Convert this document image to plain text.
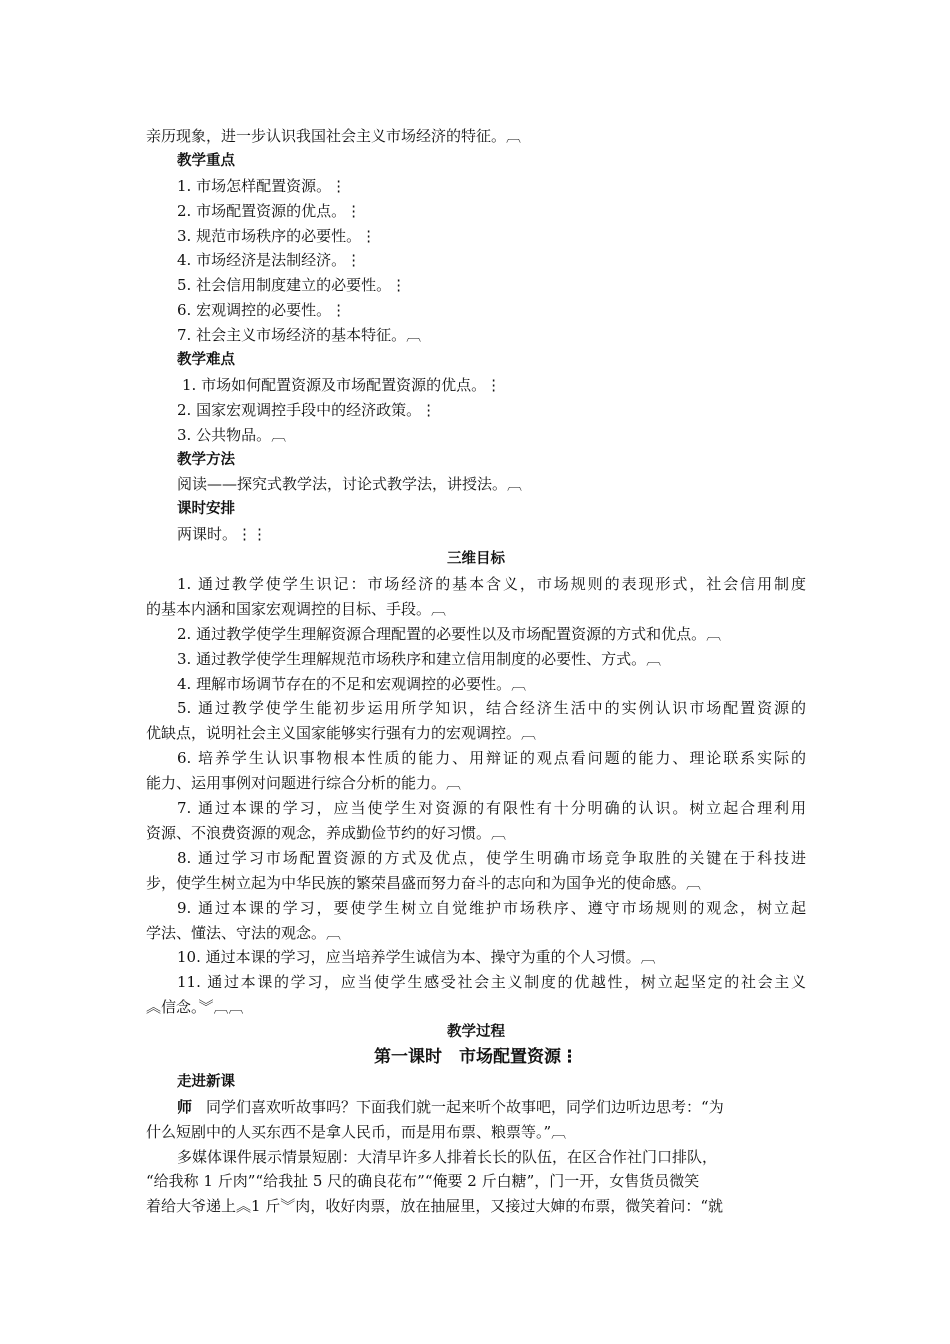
亲历现象，进一步认识我国社会主义市场经济的特征。︹
教学重点
1. 市场怎样配置资源。⋮
2. 市场配置资源的优点。⋮
3. 规范市场秩序的必要性。⋮
4. 市场经济是法制经济。⋮
5. 社会信用制度建立的必要性。⋮
6. 宏观调控的必要性。⋮
7. 社会主义市场经济的基本特征。︹
教学难点
1. 市场如何配置资源及市场配置资源的优点。⋮
2. 国家宏观调控手段中的经济政策。⋮
3. 公共物品。︹
教学方法
阅读——探究式教学法，讨论式教学法，讲授法。︹
课时安排
两课时。⋮⋮
三维目标
1. 通过教学使学生识记：市场经济的基本含义，市场规则的表现形式，社会信用制度
的基本内涵和国家宏观调控的目标、手段。︹
2. 通过教学使学生理解资源合理配置的必要性以及市场配置资源的方式和优点。︹
3. 通过教学使学生理解规范市场秩序和建立信用制度的必要性、方式。︹
4. 理解市场调节存在的不足和宏观调控的必要性。︹
5. 通过教学使学生能初步运用所学知识，结合经济生活中的实例认识市场配置资源的
优缺点，说明社会主义国家能够实行强有力的宏观调控。︹
6. 培养学生认识事物根本性质的能力、用辩证的观点看问题的能力、理论联系实际的
能力、运用事例对问题进行综合分析的能力。︹
7. 通过本课的学习，应当使学生对资源的有限性有十分明确的认识。树立起合理利用
资源、不浪费资源的观念，养成勤俭节约的好习惯。︹
8. 通过学习市场配置资源的方式及优点，使学生明确市场竞争取胜的关键在于科技进
步，使学生树立起为中华民族的繁荣昌盛而努力奋斗的志向和为国争光的使命感。︹
9. 通过本课的学习，要使学生树立自觉维护市场秩序、遵守市场规则的观念，树立起
学法、懂法、守法的观念。︹
10. 通过本课的学习，应当培养学生诚信为本、操守为重的个人习惯。︹
11. 通过本课的学习，应当使学生感受社会主义制度的优越性，树立起坚定的社会主义
︽信念。︾︹︹
教学过程
第一课时　市场配置资源⋮
走进新课
师 同学们喜欢听故事吗？下面我们就一起来听个故事吧，同学们边听边思考：“为
什么短剧中的人买东西不是拿人民币，而是用布票、粮票等。”︹
多媒体课件展示情景短剧：大清早许多人排着长长的队伍，在区合作社门口排队，
“给我称 1 斤肉”“给我扯 5 尺的确良花布”“俺要 2 斤白糖”，门一开，女售货员微笑
着给大爷递上︽1 斤︾肉，收好肉票，放在抽屉里，又接过大婶的布票，微笑着问：“就
